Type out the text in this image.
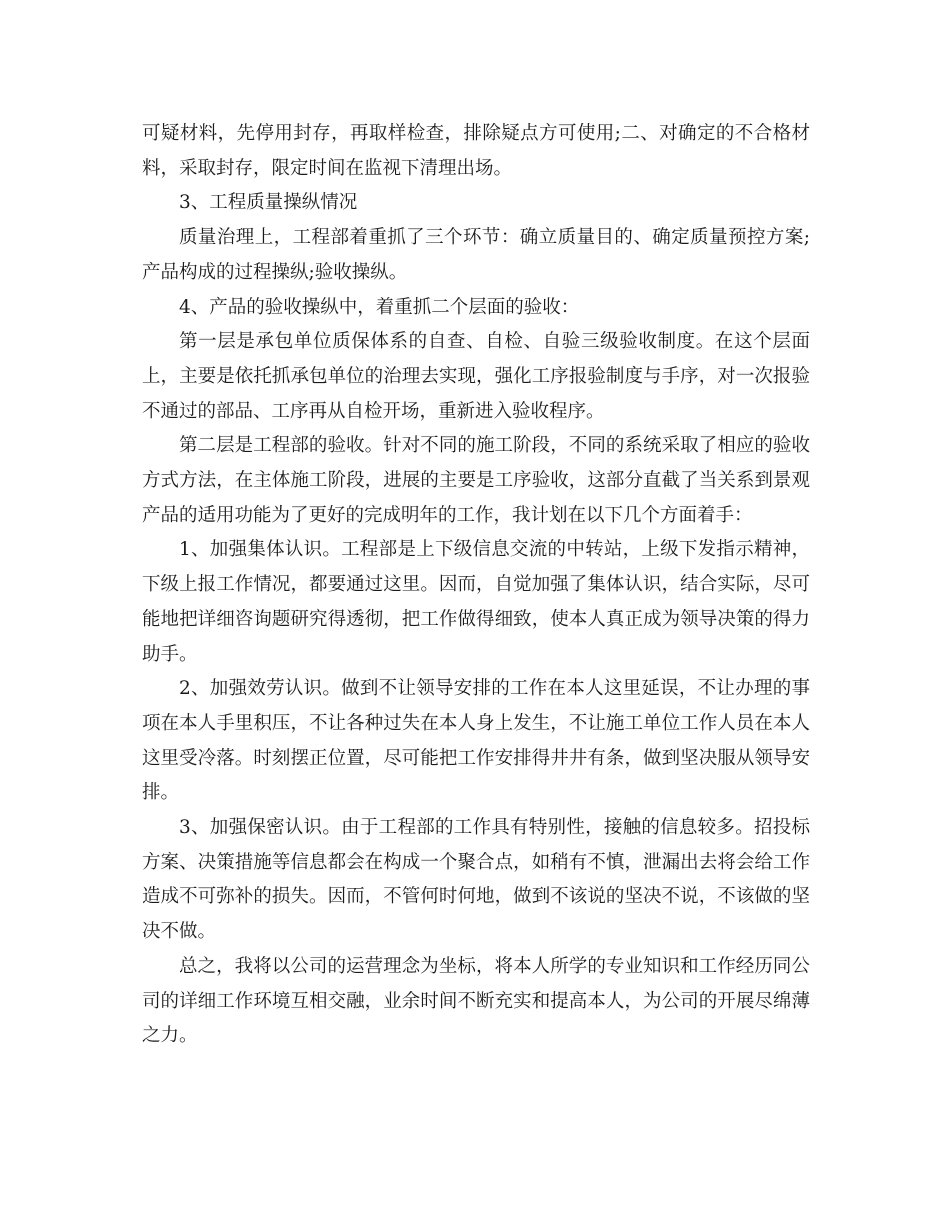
可疑材料，先停用封存，再取样检查，排除疑点方可使用;二、对确定的不合格材料，采取封存，限定时间在监视下清理出场。

3、工程质量操纵情况

质量治理上，工程部着重抓了三个环节：确立质量目的、确定质量预控方案;产品构成的过程操纵;验收操纵。

4、产品的验收操纵中，着重抓二个层面的验收：

第一层是承包单位质保体系的自查、自检、自验三级验收制度。在这个层面上，主要是依托抓承包单位的治理去实现，强化工序报验制度与手序，对一次报验不通过的部品、工序再从自检开场，重新进入验收程序。

第二层是工程部的验收。针对不同的施工阶段，不同的系统采取了相应的验收方式方法，在主体施工阶段，进展的主要是工序验收，这部分直截了当关系到景观产品的适用功能为了更好的完成明年的工作，我计划在以下几个方面着手：

1、加强集体认识。工程部是上下级信息交流的中转站，上级下发指示精神，下级上报工作情况，都要通过这里。因而，自觉加强了集体认识，结合实际，尽可能地把详细咨询题研究得透彻，把工作做得细致，使本人真正成为领导决策的得力助手。

2、加强效劳认识。做到不让领导安排的工作在本人这里延误，不让办理的事项在本人手里积压，不让各种过失在本人身上发生，不让施工单位工作人员在本人这里受冷落。时刻摆正位置，尽可能把工作安排得井井有条，做到坚决服从领导安排。

3、加强保密认识。由于工程部的工作具有特别性，接触的信息较多。招投标方案、决策措施等信息都会在构成一个聚合点，如稍有不慎，泄漏出去将会给工作造成不可弥补的损失。因而，不管何时何地，做到不该说的坚决不说，不该做的坚决不做。

总之，我将以公司的运营理念为坐标，将本人所学的专业知识和工作经历同公司的详细工作环境互相交融，业余时间不断充实和提高本人，为公司的开展尽绵薄之力。
